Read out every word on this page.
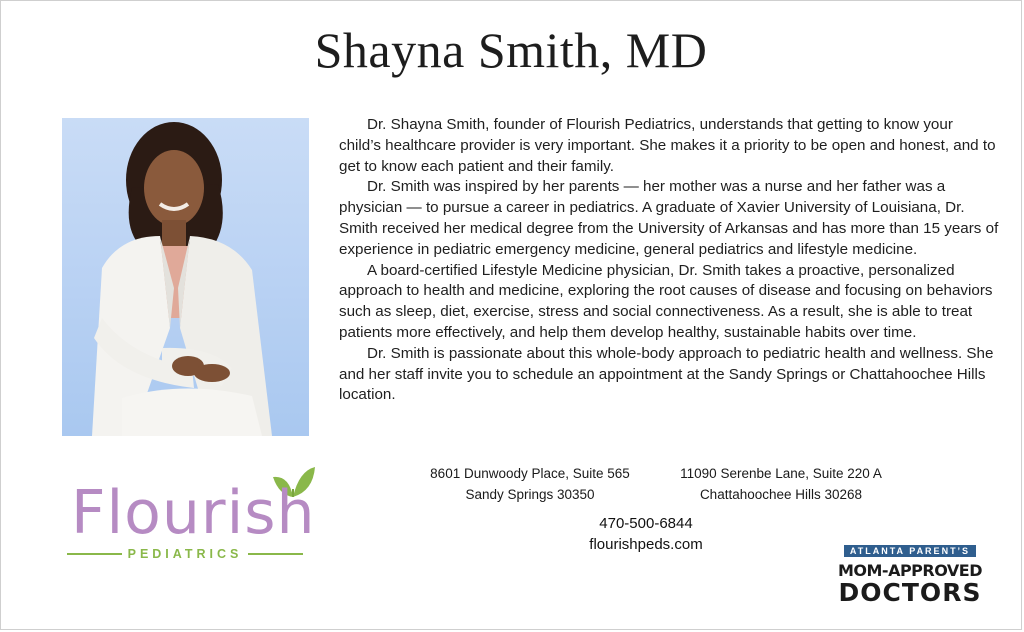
Shayna Smith, MD

Dr. Shayna Smith, founder of Flourish Pediatrics, understands that getting to know your child’s healthcare provider is very important. She makes it a priority to be open and honest, and to get to know each patient and their family.

Dr. Smith was inspired by her parents — her mother was a nurse and her father was a physician — to pursue a career in pediatrics. A graduate of Xavier University of Louisiana, Dr. Smith received her medical degree from the University of Arkansas and has more than 15 years of experience in pediatric emergency medicine, general pediatrics and lifestyle medicine.

A board-certified Lifestyle Medicine physician, Dr. Smith takes a proactive, personalized approach to health and medicine, exploring the root causes of disease and focusing on behaviors such as sleep, diet, exercise, stress and social connectiveness. As a result, she is able to treat patients more effectively, and help them develop healthy, sustainable habits over time.

Dr. Smith is passionate about this whole-body approach to pediatric health and wellness. She and her staff invite you to schedule an appointment at the Sandy Springs or Chattahoochee Hills location.

8601 Dunwoody Place, Suite 565
Sandy Springs 30350
11090 Serenbe Lane, Suite 220 A
Chattahoochee Hills 30268
470-500-6844
flourishpeds.com
Flourish
PEDIATRICS	ATLANTA PARENT’S
MOM-APPROVED
DOCTORS
